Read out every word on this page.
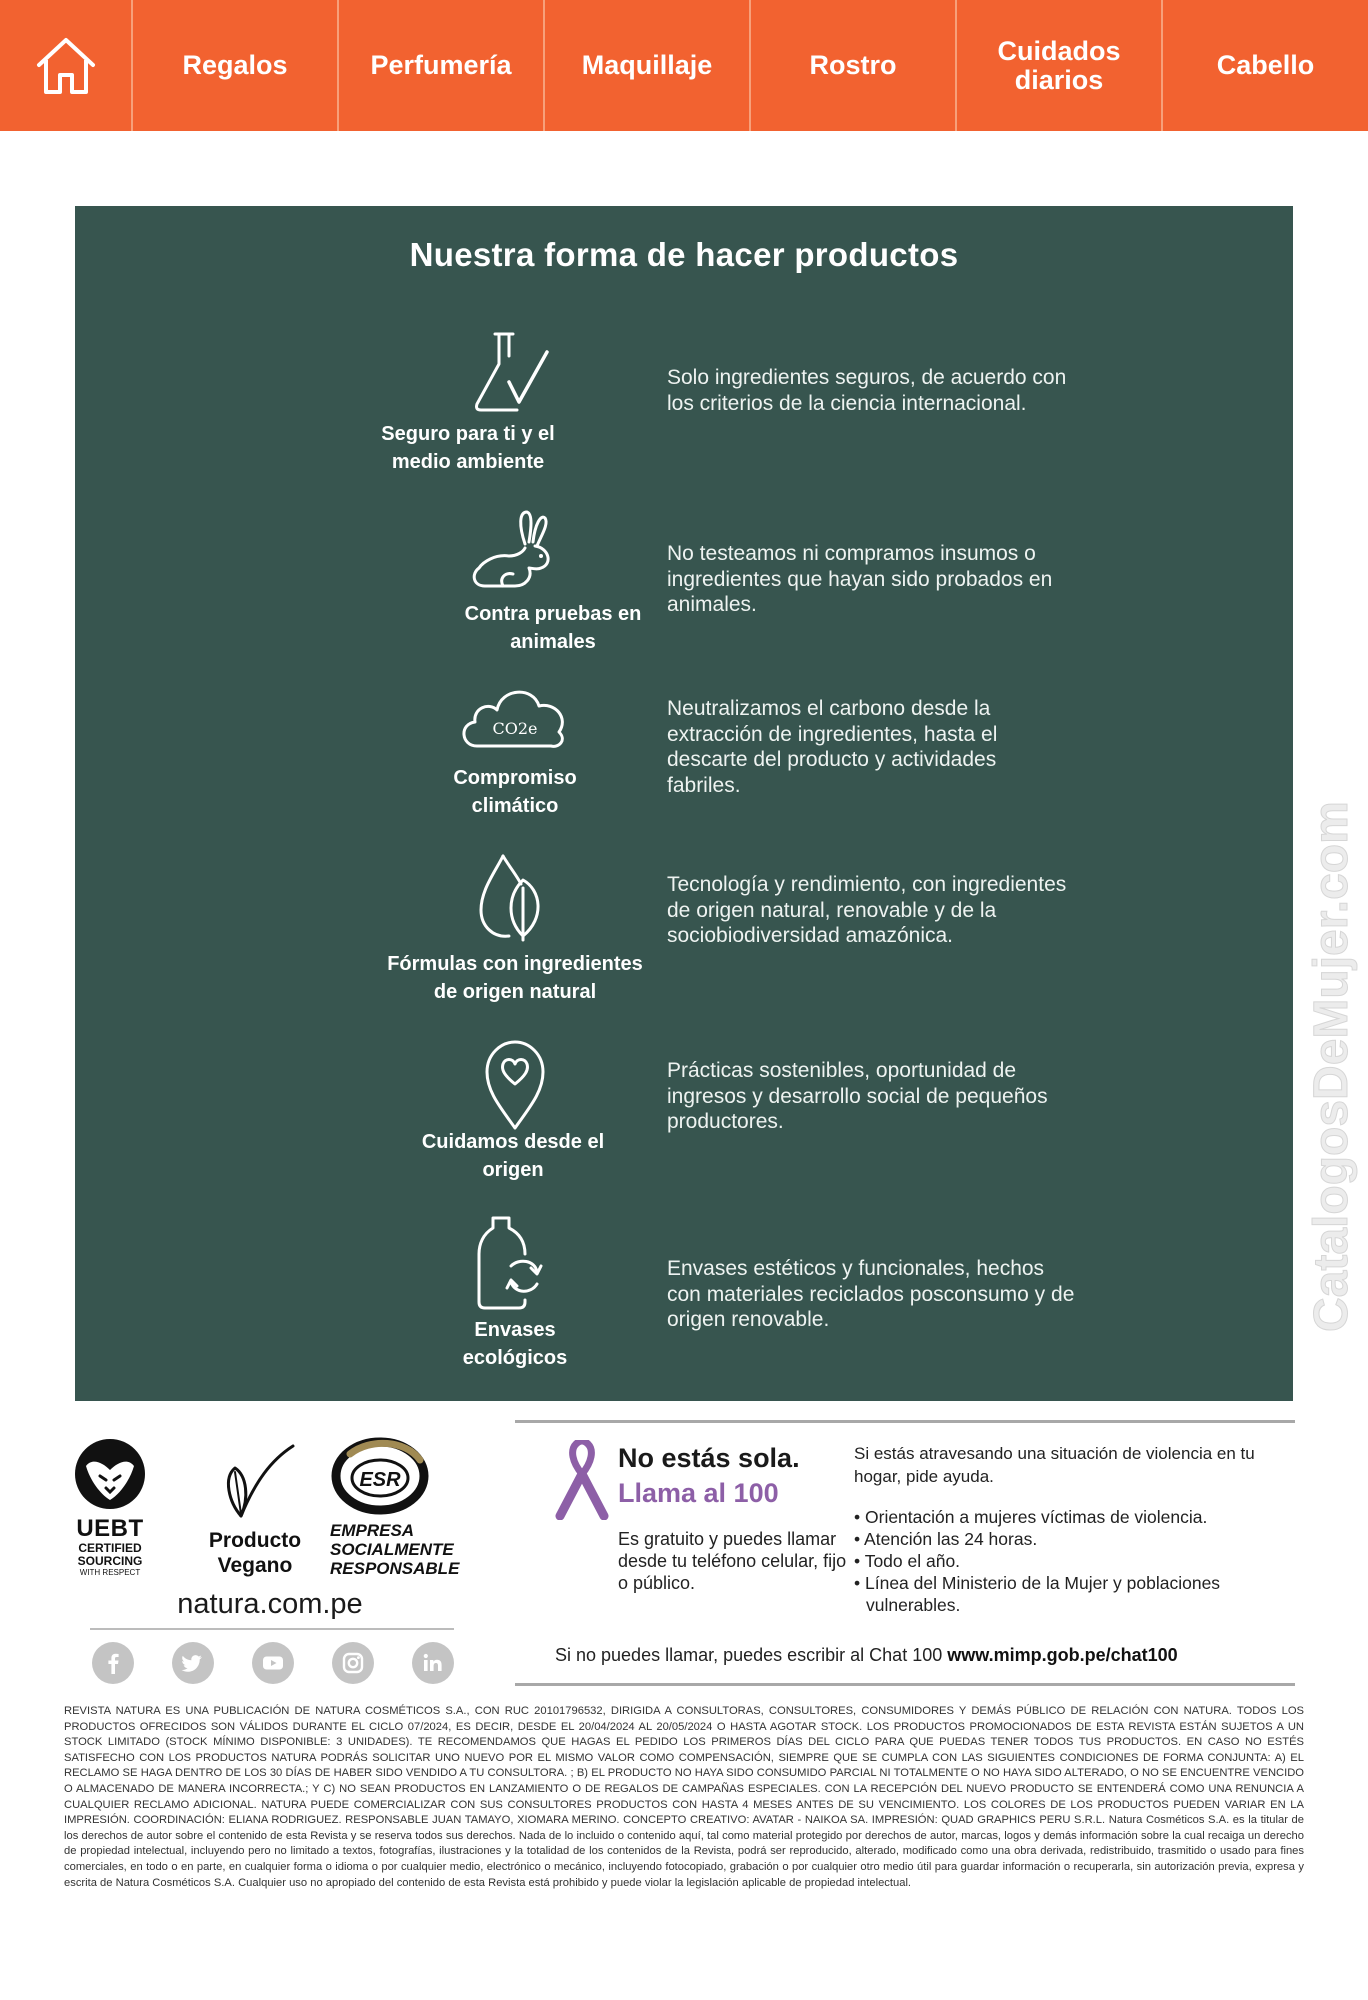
Regalos	Perfumería	Maquillaje	Rostro	Cuidados diarios	Cabello
Nuestra forma de hacer productos
Seguro para ti y el medio ambiente
Solo ingredientes seguros, de acuerdo con los criterios de la ciencia internacional.
Contra pruebas en animales
No testeamos ni compramos insumos o ingredientes que hayan sido probados en animales.
CO2e
Compromiso climático
Neutralizamos el carbono desde la extracción de ingredientes, hasta el descarte del producto y actividades fabriles.
Fórmulas con ingredientes de origen natural
Tecnología y rendimiento, con ingredientes de origen natural, renovable y de la sociobiodiversidad amazónica.
Cuidamos desde el origen
Prácticas sostenibles, oportunidad de ingresos y desarrollo social de pequeños productores.
Envases ecológicos
Envases estéticos y funcionales, hechos con materiales reciclados posconsumo y de origen renovable.	CatalogosDeMujer.com
UEBT
CERTIFIED
SOURCING
WITH RESPECT
Producto
Vegano
ESR
EMPRESA
SOCIALMENTE
RESPONSABLE
natura.com.pe
No estás sola.
Llama al 100
Es gratuito y puedes llamar desde tu teléfono celular, fijo o público.
Si estás atravesando una situación de violencia en tu hogar, pide ayuda.
• Orientación a mujeres víctimas de violencia.
• Atención las 24 horas.
• Todo el año.
• Línea del Ministerio de la Mujer y poblaciones vulnerables.
Si no puedes llamar, puedes escribir al Chat 100 www.mimp.gob.pe/chat100
REVISTA NATURA ES UNA PUBLICACIÓN DE NATURA COSMÉTICOS S.A., CON RUC 20101796532, DIRIGIDA A CONSULTORAS, CONSULTORES, CONSUMIDORES Y DEMÁS PÚBLICO DE RELACIÓN CON NATURA. TODOS LOS PRODUCTOS OFRECIDOS SON VÁLIDOS DURANTE EL CICLO 07/2024, ES DECIR, DESDE EL 20/04/2024 AL 20/05/2024 O HASTA AGOTAR STOCK. LOS PRODUCTOS PROMOCIONADOS DE ESTA REVISTA ESTÁN SUJETOS A UN STOCK LIMITADO (STOCK MÍNIMO DISPONIBLE: 3 UNIDADES). TE RECOMENDAMOS QUE HAGAS EL PEDIDO LOS PRIMEROS DÍAS DEL CICLO PARA QUE PUEDAS TENER TODOS TUS PRODUCTOS. EN CASO NO ESTÉS SATISFECHO CON LOS PRODUCTOS NATURA PODRÁS SOLICITAR UNO NUEVO POR EL MISMO VALOR COMO COMPENSACIÓN, SIEMPRE QUE SE CUMPLA CON LAS SIGUIENTES CONDICIONES DE FORMA CONJUNTA: A) EL RECLAMO SE HAGA DENTRO DE LOS 30 DÍAS DE HABER SIDO VENDIDO A TU CONSULTORA. ; B) EL PRODUCTO NO HAYA SIDO CONSUMIDO PARCIAL NI TOTALMENTE O NO HAYA SIDO ALTERADO, O NO SE ENCUENTRE VENCIDO O ALMACENADO DE MANERA INCORRECTA.; Y C) NO SEAN PRODUCTOS EN LANZAMIENTO O DE REGALOS DE CAMPAÑAS ESPECIALES. CON LA RECEPCIÓN DEL NUEVO PRODUCTO SE ENTENDERÁ COMO UNA RENUNCIA A CUALQUIER RECLAMO ADICIONAL. NATURA PUEDE COMERCIALIZAR CON SUS CONSULTORES PRODUCTOS CON HASTA 4 MESES ANTES DE SU VENCIMIENTO. LOS COLORES DE LOS PRODUCTOS PUEDEN VARIAR EN LA IMPRESIÓN. COORDINACIÓN: ELIANA RODRIGUEZ. RESPONSABLE JUAN TAMAYO, XIOMARA MERINO. CONCEPTO CREATIVO: AVATAR - NAIKOA SA. IMPRESIÓN: QUAD GRAPHICS PERU S.R.L. Natura Cosméticos S.A. es la titular de los derechos de autor sobre el contenido de esta Revista y se reserva todos sus derechos. Nada de lo incluido o contenido aquí, tal como material protegido por derechos de autor, marcas, logos y demás información sobre la cual recaiga un derecho de propiedad intelectual, incluyendo pero no limitado a textos, fotografías, ilustraciones y la totalidad de los contenidos de la Revista, podrá ser reproducido, alterado, modificado como una obra derivada, redistribuido, trasmitido o usado para fines comerciales, en todo o en parte, en cualquier forma o idioma o por cualquier medio, electrónico o mecánico, incluyendo fotocopiado, grabación o por cualquier otro medio útil para guardar información o recuperarla, sin autorización previa, expresa y escrita de Natura Cosméticos S.A. Cualquier uso no apropiado del contenido de esta Revista está prohibido y puede violar la legislación aplicable de propiedad intelectual.
